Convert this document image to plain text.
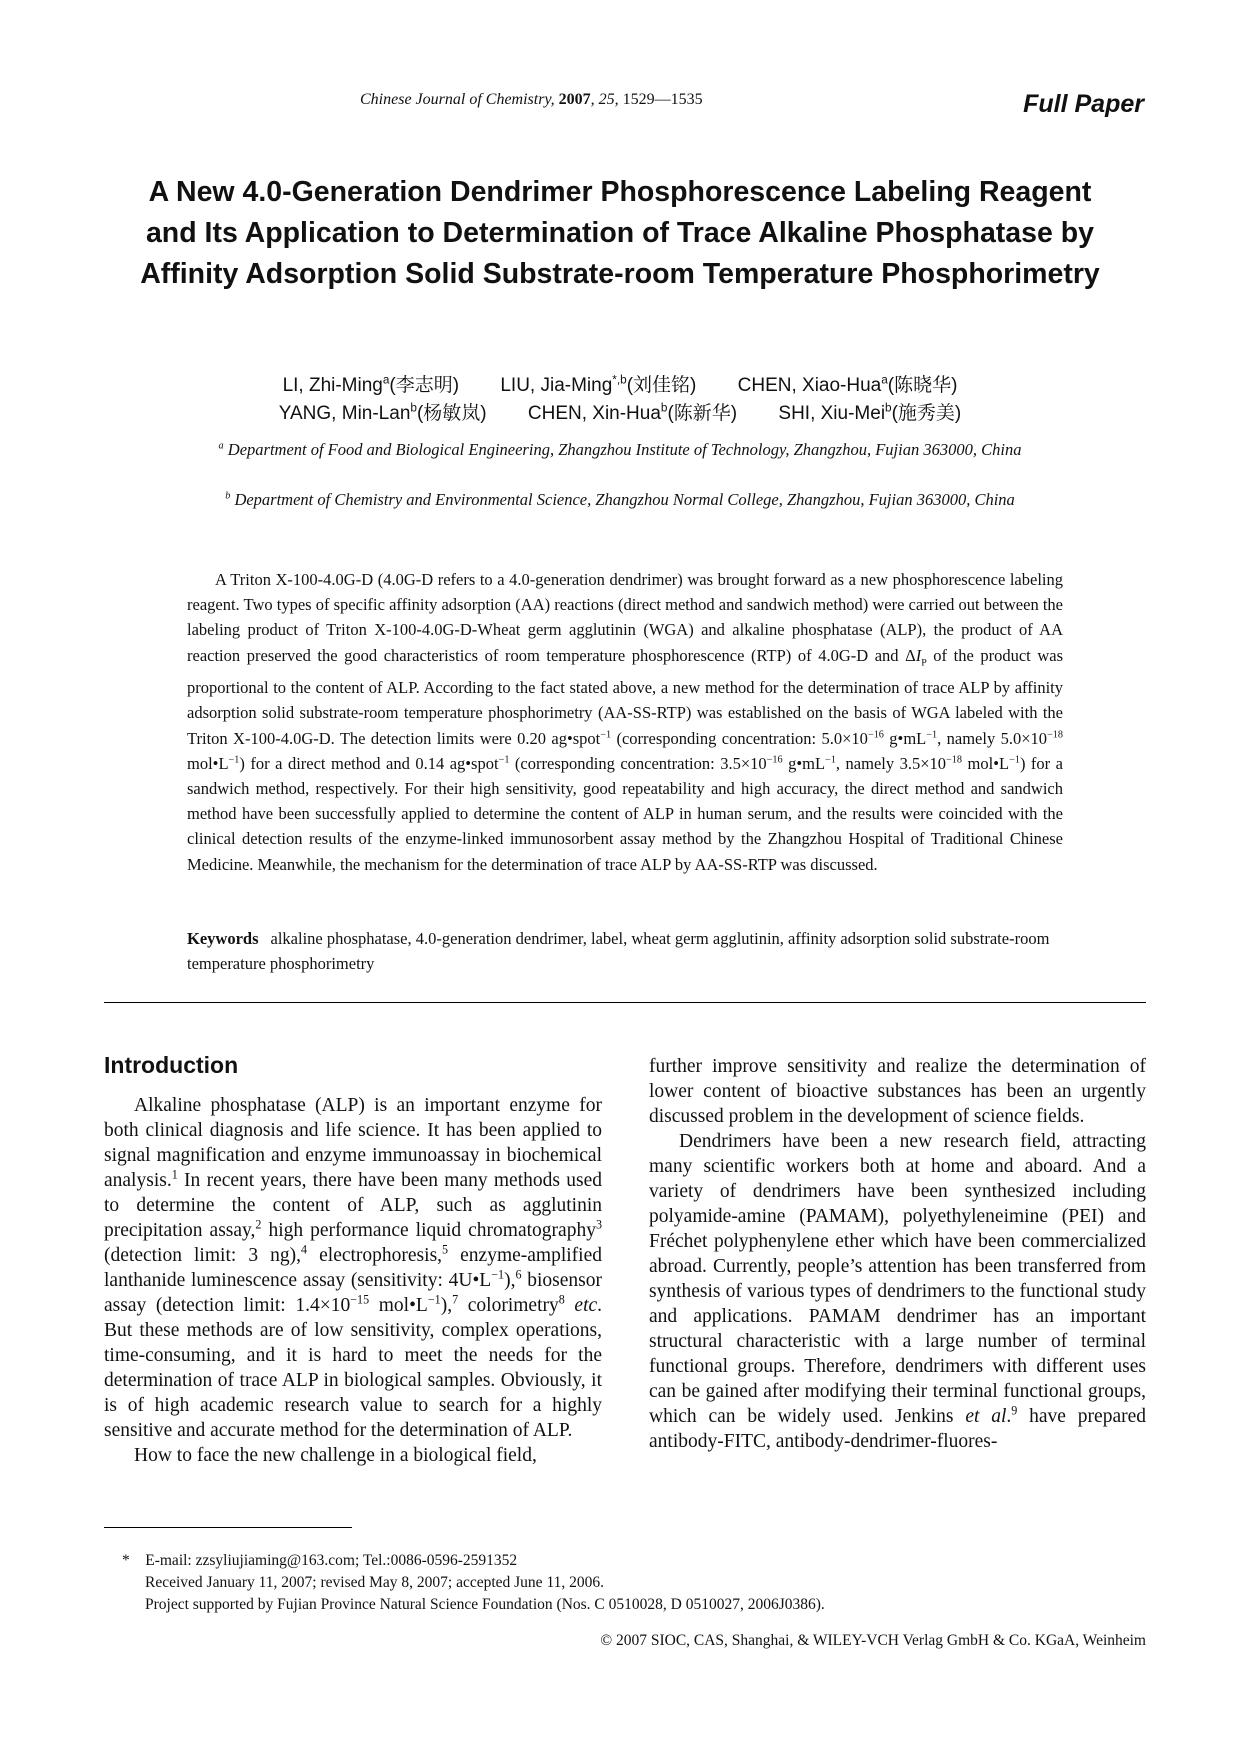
Chinese Journal of Chemistry, 2007, 25, 1529—1535	Full Paper
A New 4.0-Generation Dendrimer Phosphorescence Labeling Reagent and Its Application to Determination of Trace Alkaline Phosphatase by Affinity Adsorption Solid Substrate-room Temperature Phosphorimetry
LI, Zhi-Ming$^a$(李志明) LIU, Jia-Ming$^{*,b}$(刘佳铭) CHEN, Xiao-Hua$^a$(陈晓华)
YANG, Min-Lan$^b$(杨敏岚) CHEN, Xin-Hua$^b$(陈新华) SHI, Xiu-Mei$^b$(施秀美)
$^a$ Department of Food and Biological Engineering, Zhangzhou Institute of Technology, Zhangzhou, Fujian 363000, China
$^b$ Department of Chemistry and Environmental Science, Zhangzhou Normal College, Zhangzhou, Fujian 363000, China
A Triton X-100-4.0G-D (4.0G-D refers to a 4.0-generation dendrimer) was brought forward as a new phosphorescence labeling reagent. Two types of specific affinity adsorption (AA) reactions (direct method and sandwich method) were carried out between the labeling product of Triton X-100-4.0G-D-Wheat germ agglutinin (WGA) and alkaline phosphatase (ALP), the product of AA reaction preserved the good characteristics of room temperature phosphorescence (RTP) of 4.0G-D and $\Delta I_P$ of the product was proportional to the content of ALP. According to the fact stated above, a new method for the determination of trace ALP by affinity adsorption solid substrate-room temperature phosphorimetry (AA-SS-RTP) was established on the basis of WGA labeled with the Triton X-100-4.0G-D. The detection limits were 0.20 ag•spot$^{-1}$ (corresponding concentration: $5.0\times 10^{-16}$ $g•mL^{-1}$, namely $5.0\times 10^{-18}$ $mol•L^{-1}$) for a direct method and 0.14 ag•spot$^{-1}$ (corresponding concentration: $3.5\times 10^{-16}$ $g•mL^{-1}$, namely $3.5\times 10^{-18}$ $mol•L^{-1}$) for a sandwich method, respectively. For their high sensitivity, good repeatability and high accuracy, the direct method and sandwich method have been successfully applied to determine the content of ALP in human serum, and the results were coincided with the clinical detection results of the enzyme-linked immunosorbent assay method by the Zhangzhou Hospital of Traditional Chinese Medicine. Meanwhile, the mechanism for the determination of trace ALP by AA-SS-RTP was discussed.
Keywords alkaline phosphatase, 4.0-generation dendrimer, label, wheat germ agglutinin, affinity adsorption solid substrate-room temperature phosphorimetry
Introduction

Alkaline phosphatase (ALP) is an important enzyme for both clinical diagnosis and life science. It has been applied to signal magnification and enzyme immunoassay in biochemical analysis.$^1$ In recent years, there have been many methods used to determine the content of ALP, such as agglutinin precipitation assay,$^2$ high performance liquid chromatography$^3$ (detection limit: 3 ng),$^4$ electrophoresis,$^5$ enzyme-amplified lanthanide luminescence assay (sensitivity: $4U•L^{-1}),^6$ biosensor assay (detection limit: $1.4\times 10^{-15}$ $mol•L^{-1}),^7$ colorimetry$^8$ etc. But these methods are of low sensitivity, complex operations, time-consuming, and it is hard to meet the needs for the determination of trace ALP in biological samples. Obviously, it is of high academic research value to search for a highly sensitive and accurate method for the determination of ALP.

How to face the new challenge in a biological field,

further improve sensitivity and realize the determination of lower content of bioactive substances has been an urgently discussed problem in the development of science fields.

Dendrimers have been a new research field, attracting many scientific workers both at home and aboard. And a variety of dendrimers have been synthesized including polyamide-amine (PAMAM), polyethyleneimine (PEI) and Fréchet polyphenylene ether which have been commercialized abroad. Currently, people’s attention has been transferred from synthesis of various types of dendrimers to the functional study and applications. PAMAM dendrimer has an important structural characteristic with a large number of terminal functional groups. Therefore, dendrimers with different uses can be gained after modifying their terminal functional groups, which can be widely used. Jenkins et al.$^9$ have prepared antibody-FITC, antibody-dendrimer-fluores-

* E-mail: zzsyliujiaming@163.com; Tel.:0086-0596-2591352
Received January 11, 2007; revised May 8, 2007; accepted June 11, 2006.
Project supported by Fujian Province Natural Science Foundation (Nos. C 0510028, D 0510027, 2006J0386).
© 2007 SIOC, CAS, Shanghai, & WILEY-VCH Verlag GmbH & Co. KGaA, Weinheim
